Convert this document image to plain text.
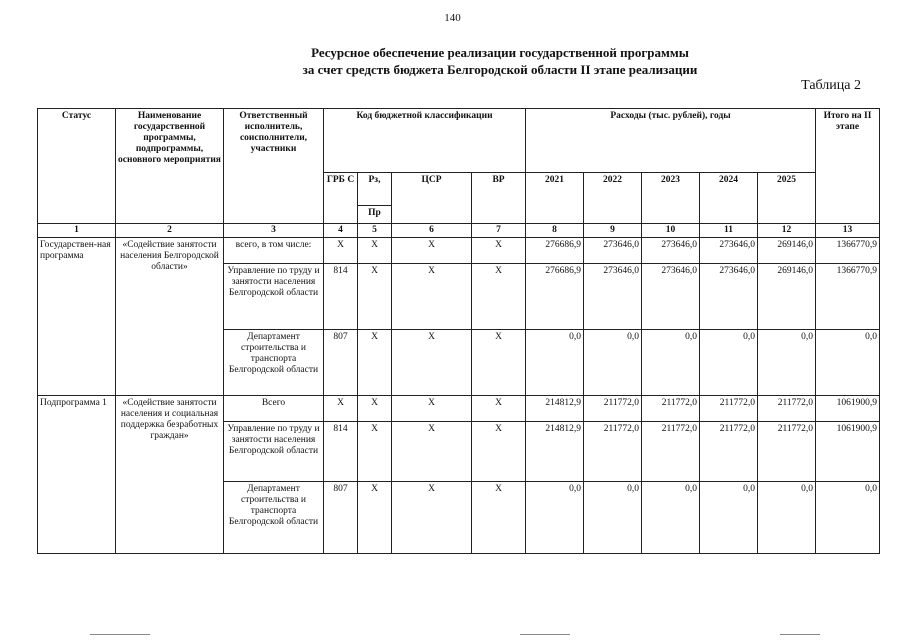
140
Ресурсное обеспечение реализации государственной программы
за счет средств бюджета Белгородской области II этапе реализации
Таблица 2
Статус	Наименование государственной программы, подпрограммы, основного мероприятия	Ответственный исполнитель, соисполнители, участники	Код бюджетной классификации				Расходы (тыс. рублей), годы					Итого на II этапе
			ГРБ С	Рз,	ЦСР	ВР	2021	2022	2023	2024	2025	
				Пр								
1	2	3	4	5	6	7	8	9	10	11	12	13
Государствен-ная программа	«Содействие занятости населения Белгородской области»	всего, в том числе:	Х	Х	Х	Х	276686,9	273646,0	273646,0	273646,0	269146,0	1366770,9
		Управление по труду и занятости населения Белгородской области	814	Х	Х	Х	276686,9	273646,0	273646,0	273646,0	269146,0	1366770,9
		Департамент строительства и транспорта Белгородской области	807	Х	Х	Х	0,0	0,0	0,0	0,0	0,0	0,0
Подпрограмма 1	«Содействие занятости населения и социальная поддержка безработных граждан»	Всего	Х	Х	Х	Х	214812,9	211772,0	211772,0	211772,0	211772,0	1061900,9
		Управление по труду и занятости населения Белгородской области	814	Х	Х	Х	214812,9	211772,0	211772,0	211772,0	211772,0	1061900,9
		Департамент строительства и транспорта Белгородской области	807	Х	Х	Х	0,0	0,0	0,0	0,0	0,0	0,0
